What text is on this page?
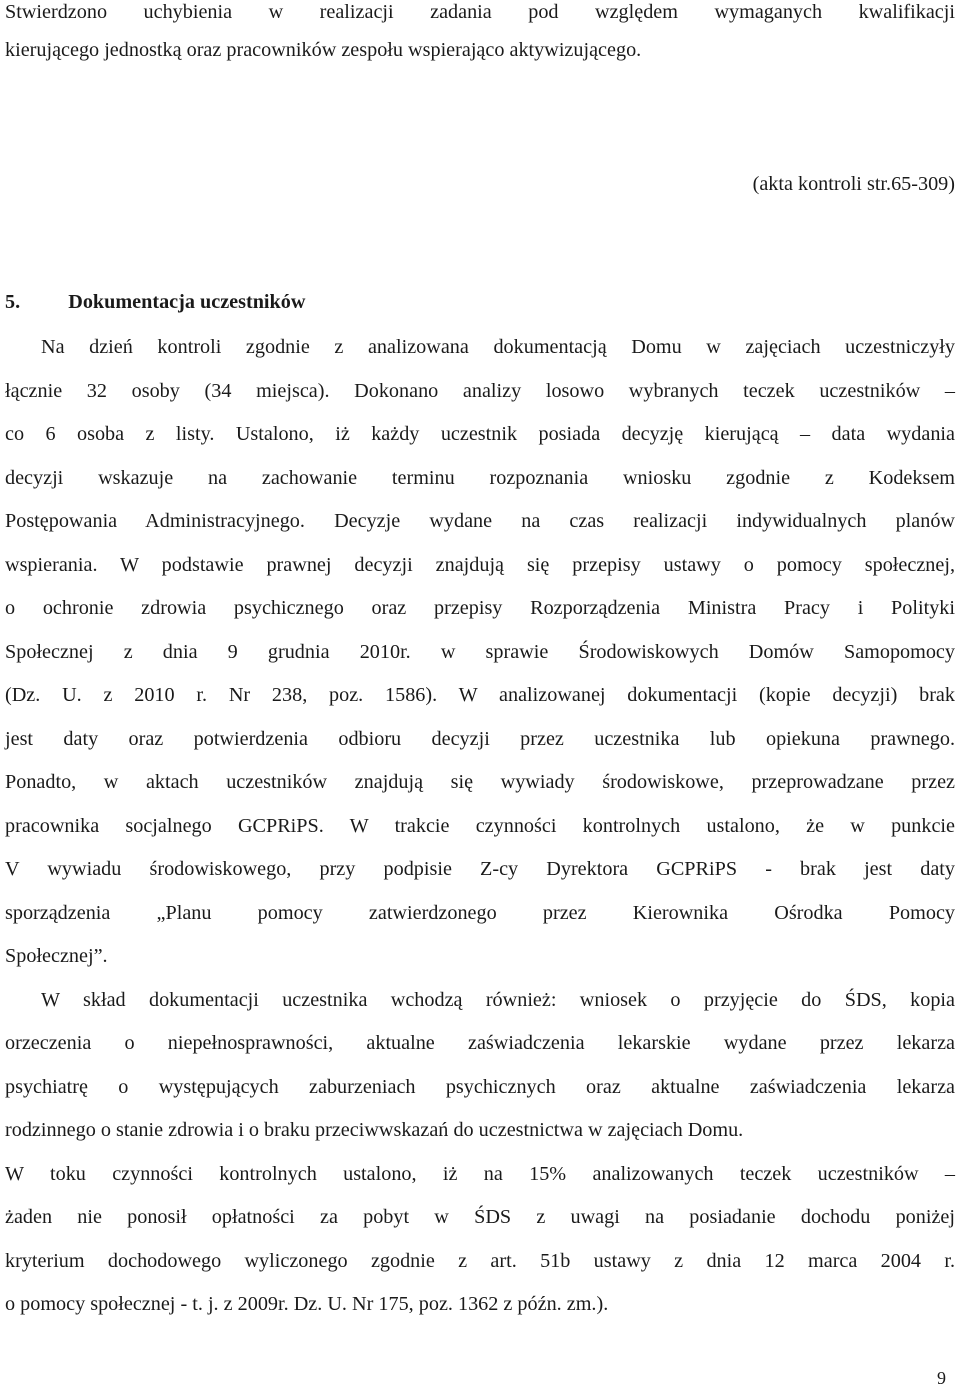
Stwierdzono uchybienia w realizacji zadania pod względem wymaganych kwalifikacji
kierującego jednostką oraz pracowników zespołu wspierająco aktywizującego.
(akta kontroli str.65-309)
5. Dokumentacja uczestników
Na dzień kontroli zgodnie z analizowana dokumentacją Domu w zajęciach uczestniczyły
łącznie 32 osoby (34 miejsca). Dokonano analizy losowo wybranych teczek uczestników –
co 6 osoba z listy. Ustalono, iż każdy uczestnik posiada decyzję kierującą – data wydania
decyzji wskazuje na zachowanie terminu rozpoznania wniosku zgodnie z Kodeksem
Postępowania Administracyjnego. Decyzje wydane na czas realizacji indywidualnych planów
wspierania. W podstawie prawnej decyzji znajdują się przepisy ustawy o pomocy społecznej,
o ochronie zdrowia psychicznego oraz przepisy Rozporządzenia Ministra Pracy i Polityki
Społecznej z dnia 9 grudnia 2010r. w sprawie Środowiskowych Domów Samopomocy
(Dz. U. z 2010 r. Nr 238, poz. 1586). W analizowanej dokumentacji (kopie decyzji) brak
jest daty oraz potwierdzenia odbioru decyzji przez uczestnika lub opiekuna prawnego.
Ponadto, w aktach uczestników znajdują się wywiady środowiskowe, przeprowadzane przez
pracownika socjalnego GCPRiPS. W trakcie czynności kontrolnych ustalono, że w punkcie
V wywiadu środowiskowego, przy podpisie Z-cy Dyrektora GCPRiPS - brak jest daty
sporządzenia „Planu pomocy zatwierdzonego przez Kierownika Ośrodka Pomocy
Społecznej”.
W skład dokumentacji uczestnika wchodzą również: wniosek o przyjęcie do ŚDS, kopia
orzeczenia o niepełnosprawności, aktualne zaświadczenia lekarskie wydane przez lekarza
psychiatrę o występujących zaburzeniach psychicznych oraz aktualne zaświadczenia lekarza
rodzinnego o stanie zdrowia i o braku przeciwwskazań do uczestnictwa w zajęciach Domu.
W toku czynności kontrolnych ustalono, iż na 15% analizowanych teczek uczestników –
żaden nie ponosił opłatności za pobyt w ŚDS z uwagi na posiadanie dochodu poniżej
kryterium dochodowego wyliczonego zgodnie z art. 51b ustawy z dnia 12 marca 2004 r.
o pomocy społecznej - t. j. z 2009r. Dz. U. Nr 175, poz. 1362 z późn. zm.).
9
